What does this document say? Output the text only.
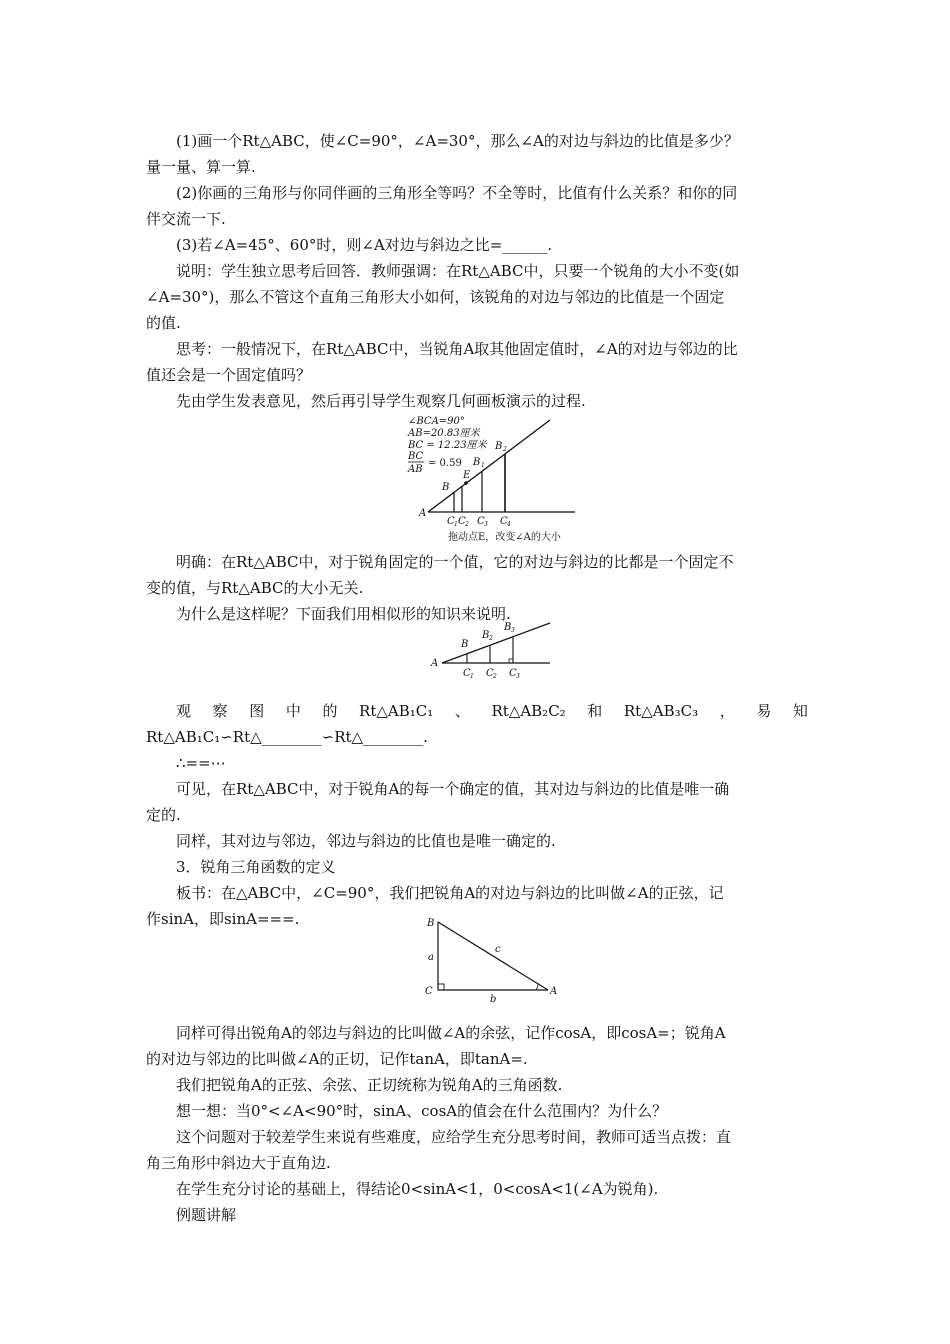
(1)画一个Rt△ABC，使∠C=90°，∠A=30°，那么∠A的对边与斜边的比值是多少？

量一量、算一算.

(2)你画的三角形与你同伴画的三角形全等吗？不全等时，比值有什么关系？和你的同

伴交流一下.

(3)若∠A=45°、60°时，则∠A对边与斜边之比=______.

说明：学生独立思考后回答．教师强调：在Rt△ABC中，只要一个锐角的大小不变(如

∠A=30°)，那么不管这个直角三角形大小如何，该锐角的对边与邻边的比值是一个固定

的值.

思考：一般情况下，在Rt△ABC中，当锐角A取其他固定值时，∠A的对边与邻边的比

值还会是一个固定值吗？

先由学生发表意见，然后再引导学生观察几何画板演示的过程.

∠BCA=90°
AB=20.83厘米
BC = 12.23厘米
BC
AB
= 0.59
A
B
E
B 1
B 2
C 1 C 2 C 3 C 4
拖动点E，改变∠A的大小

明确：在Rt△ABC中，对于锐角固定的一个值，它的对边与斜边的比都是一个固定不

变的值，与Rt△ABC的大小无关.

为什么是这样呢？下面我们用相似形的知识来说明.

A
B
B 2
B 3
C 1 C 2 C 3
观 察 图 中 的 Rt△AB₁C₁ 、 Rt△AB₂C₂ 和 Rt△AB₃C₃ ， 易 知

Rt△AB₁C₁∽Rt△________∽Rt△________.

∴==⋯

可见，在Rt△ABC中，对于锐角A的每一个确定的值，其对边与斜边的比值是唯一确

定的.

同样，其对边与邻边，邻边与斜边的比值也是唯一确定的.

3．锐角三角函数的定义

板书：在△ABC中，∠C=90°，我们把锐角A的对边与斜边的比叫做∠A的正弦，记

作sinA，即sinA===.	B
C	A
a
b
c

同样可得出锐角A的邻边与斜边的比叫做∠A的余弦，记作cosA，即cosA=；锐角A

的对边与邻边的比叫做∠A的正切，记作tanA，即tanA=.

我们把锐角A的正弦、余弦、正切统称为锐角A的三角函数.

想一想：当0°<∠A<90°时，sinA、cosA的值会在什么范围内？为什么？

这个问题对于较差学生来说有些难度，应给学生充分思考时间，教师可适当点拨：直

角三角形中斜边大于直角边.

在学生充分讨论的基础上，得结论0<sinA<1，0<cosA<1(∠A为锐角).

例题讲解
